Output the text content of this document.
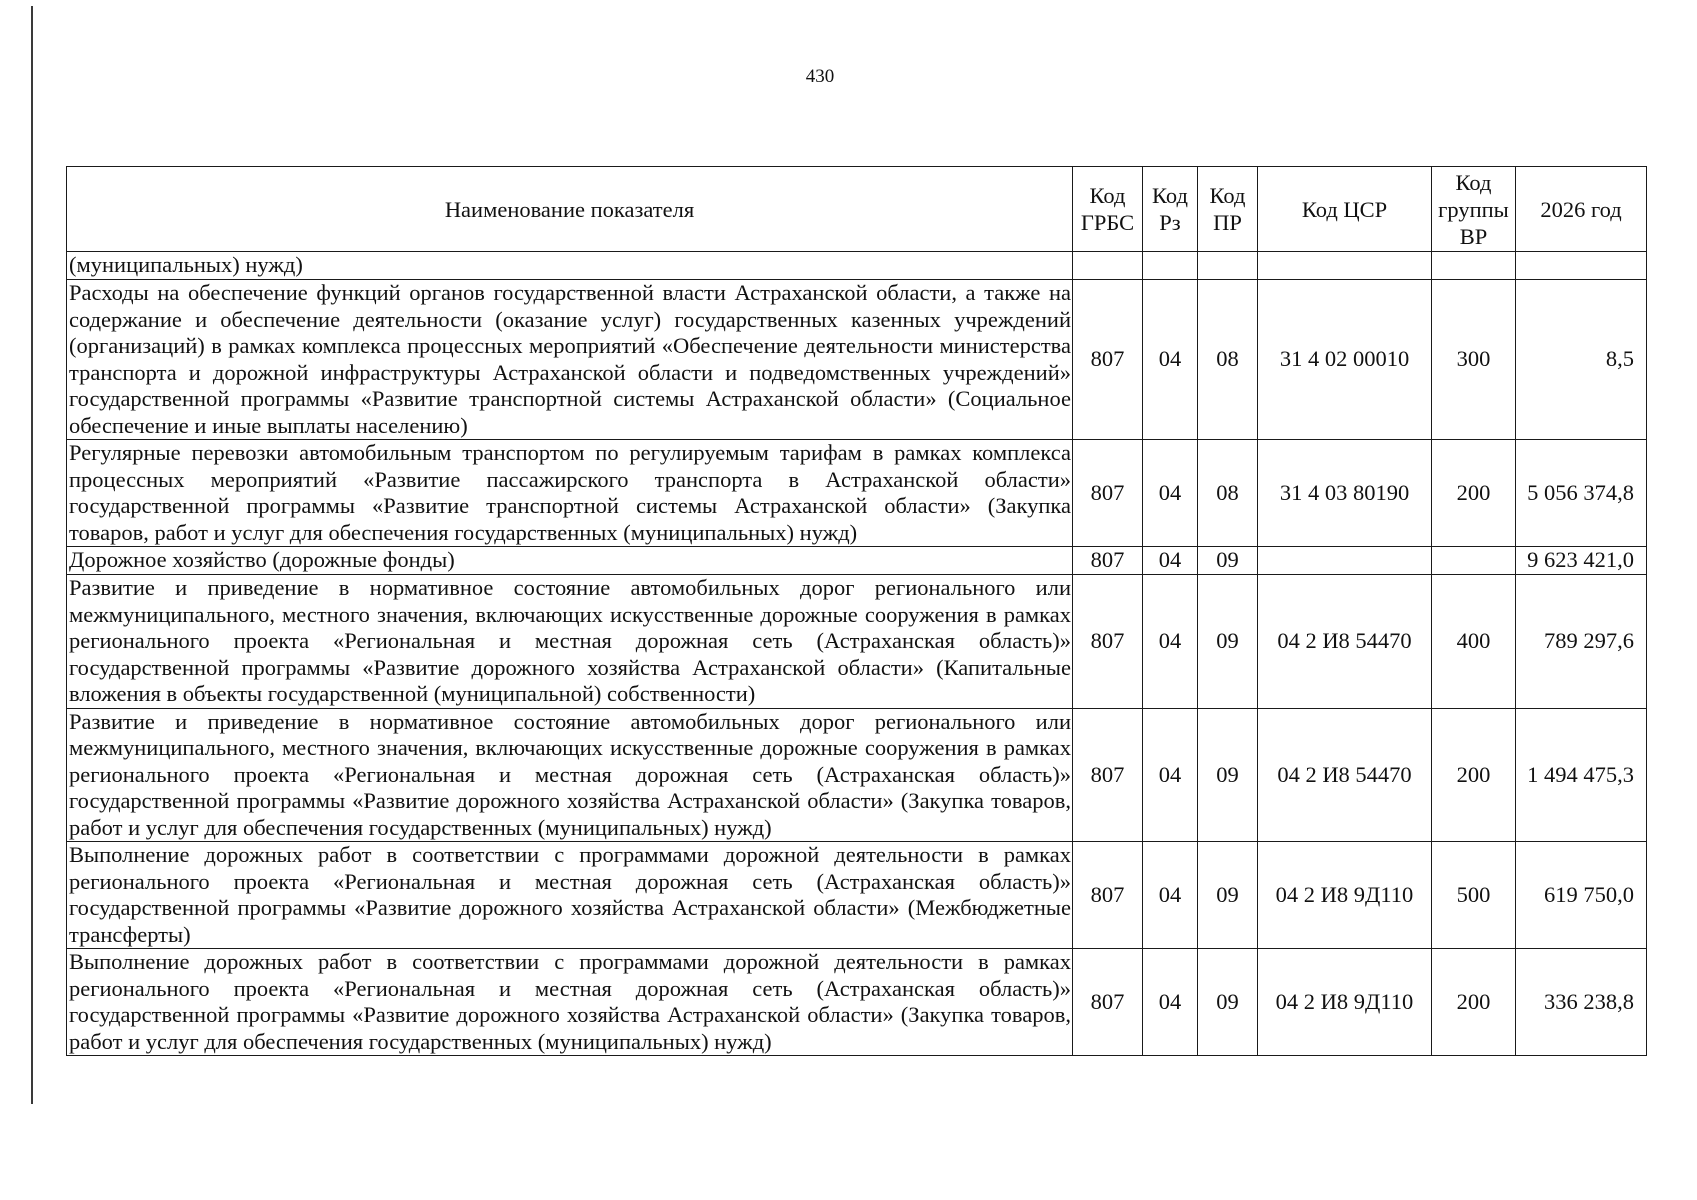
430
Наименование показателя	Код ГРБС	Код Рз	Код ПР	Код ЦСР	Код группы ВР	2026 год
(муниципальных) нужд)						
Расходы на обеспечение функций органов государственной власти Астраханской области, а также на содержание и обеспечение деятельности (оказание услуг) государственных казенных учреждений (организаций) в рамках комплекса процессных мероприятий «Обеспечение деятельности министерства транспорта и дорожной инфраструктуры Астраханской области и подведомственных учреждений» государственной программы «Развитие транспортной системы Астраханской области» (Социальное обеспечение и иные выплаты населению)	807	04	08	31 4 02 00010	300	8,5
Регулярные перевозки автомобильным транспортом по регулируемым тарифам в рамках комплекса процессных мероприятий «Развитие пассажирского транспорта в Астраханской области» государственной программы «Развитие транспортной системы Астраханской области» (Закупка товаров, работ и услуг для обеспечения государственных (муниципальных) нужд)	807	04	08	31 4 03 80190	200	5 056 374,8
Дорожное хозяйство (дорожные фонды)	807	04	09			9 623 421,0
Развитие и приведение в нормативное состояние автомобильных дорог регионального или межмуниципального, местного значения, включающих искусственные дорожные сооружения в рамках регионального проекта «Региональная и местная дорожная сеть (Астраханская область)» государственной программы «Развитие дорожного хозяйства Астраханской области» (Капитальные вложения в объекты государственной (муниципальной) собственности)	807	04	09	04 2 И8 54470	400	789 297,6
Развитие и приведение в нормативное состояние автомобильных дорог регионального или межмуниципального, местного значения, включающих искусственные дорожные сооружения в рамках регионального проекта «Региональная и местная дорожная сеть (Астраханская область)» государственной программы «Развитие дорожного хозяйства Астраханской области» (Закупка товаров, работ и услуг для обеспечения государственных (муниципальных) нужд)	807	04	09	04 2 И8 54470	200	1 494 475,3
Выполнение дорожных работ в соответствии с программами дорожной деятельности в рамках регионального проекта «Региональная и местная дорожная сеть (Астраханская область)» государственной программы «Развитие дорожного хозяйства Астраханской области» (Межбюджетные трансферты)	807	04	09	04 2 И8 9Д110	500	619 750,0
Выполнение дорожных работ в соответствии с программами дорожной деятельности в рамках регионального проекта «Региональная и местная дорожная сеть (Астраханская область)» государственной программы «Развитие дорожного хозяйства Астраханской области» (Закупка товаров, работ и услуг для обеспечения государственных (муниципальных) нужд)	807	04	09	04 2 И8 9Д110	200	336 238,8
